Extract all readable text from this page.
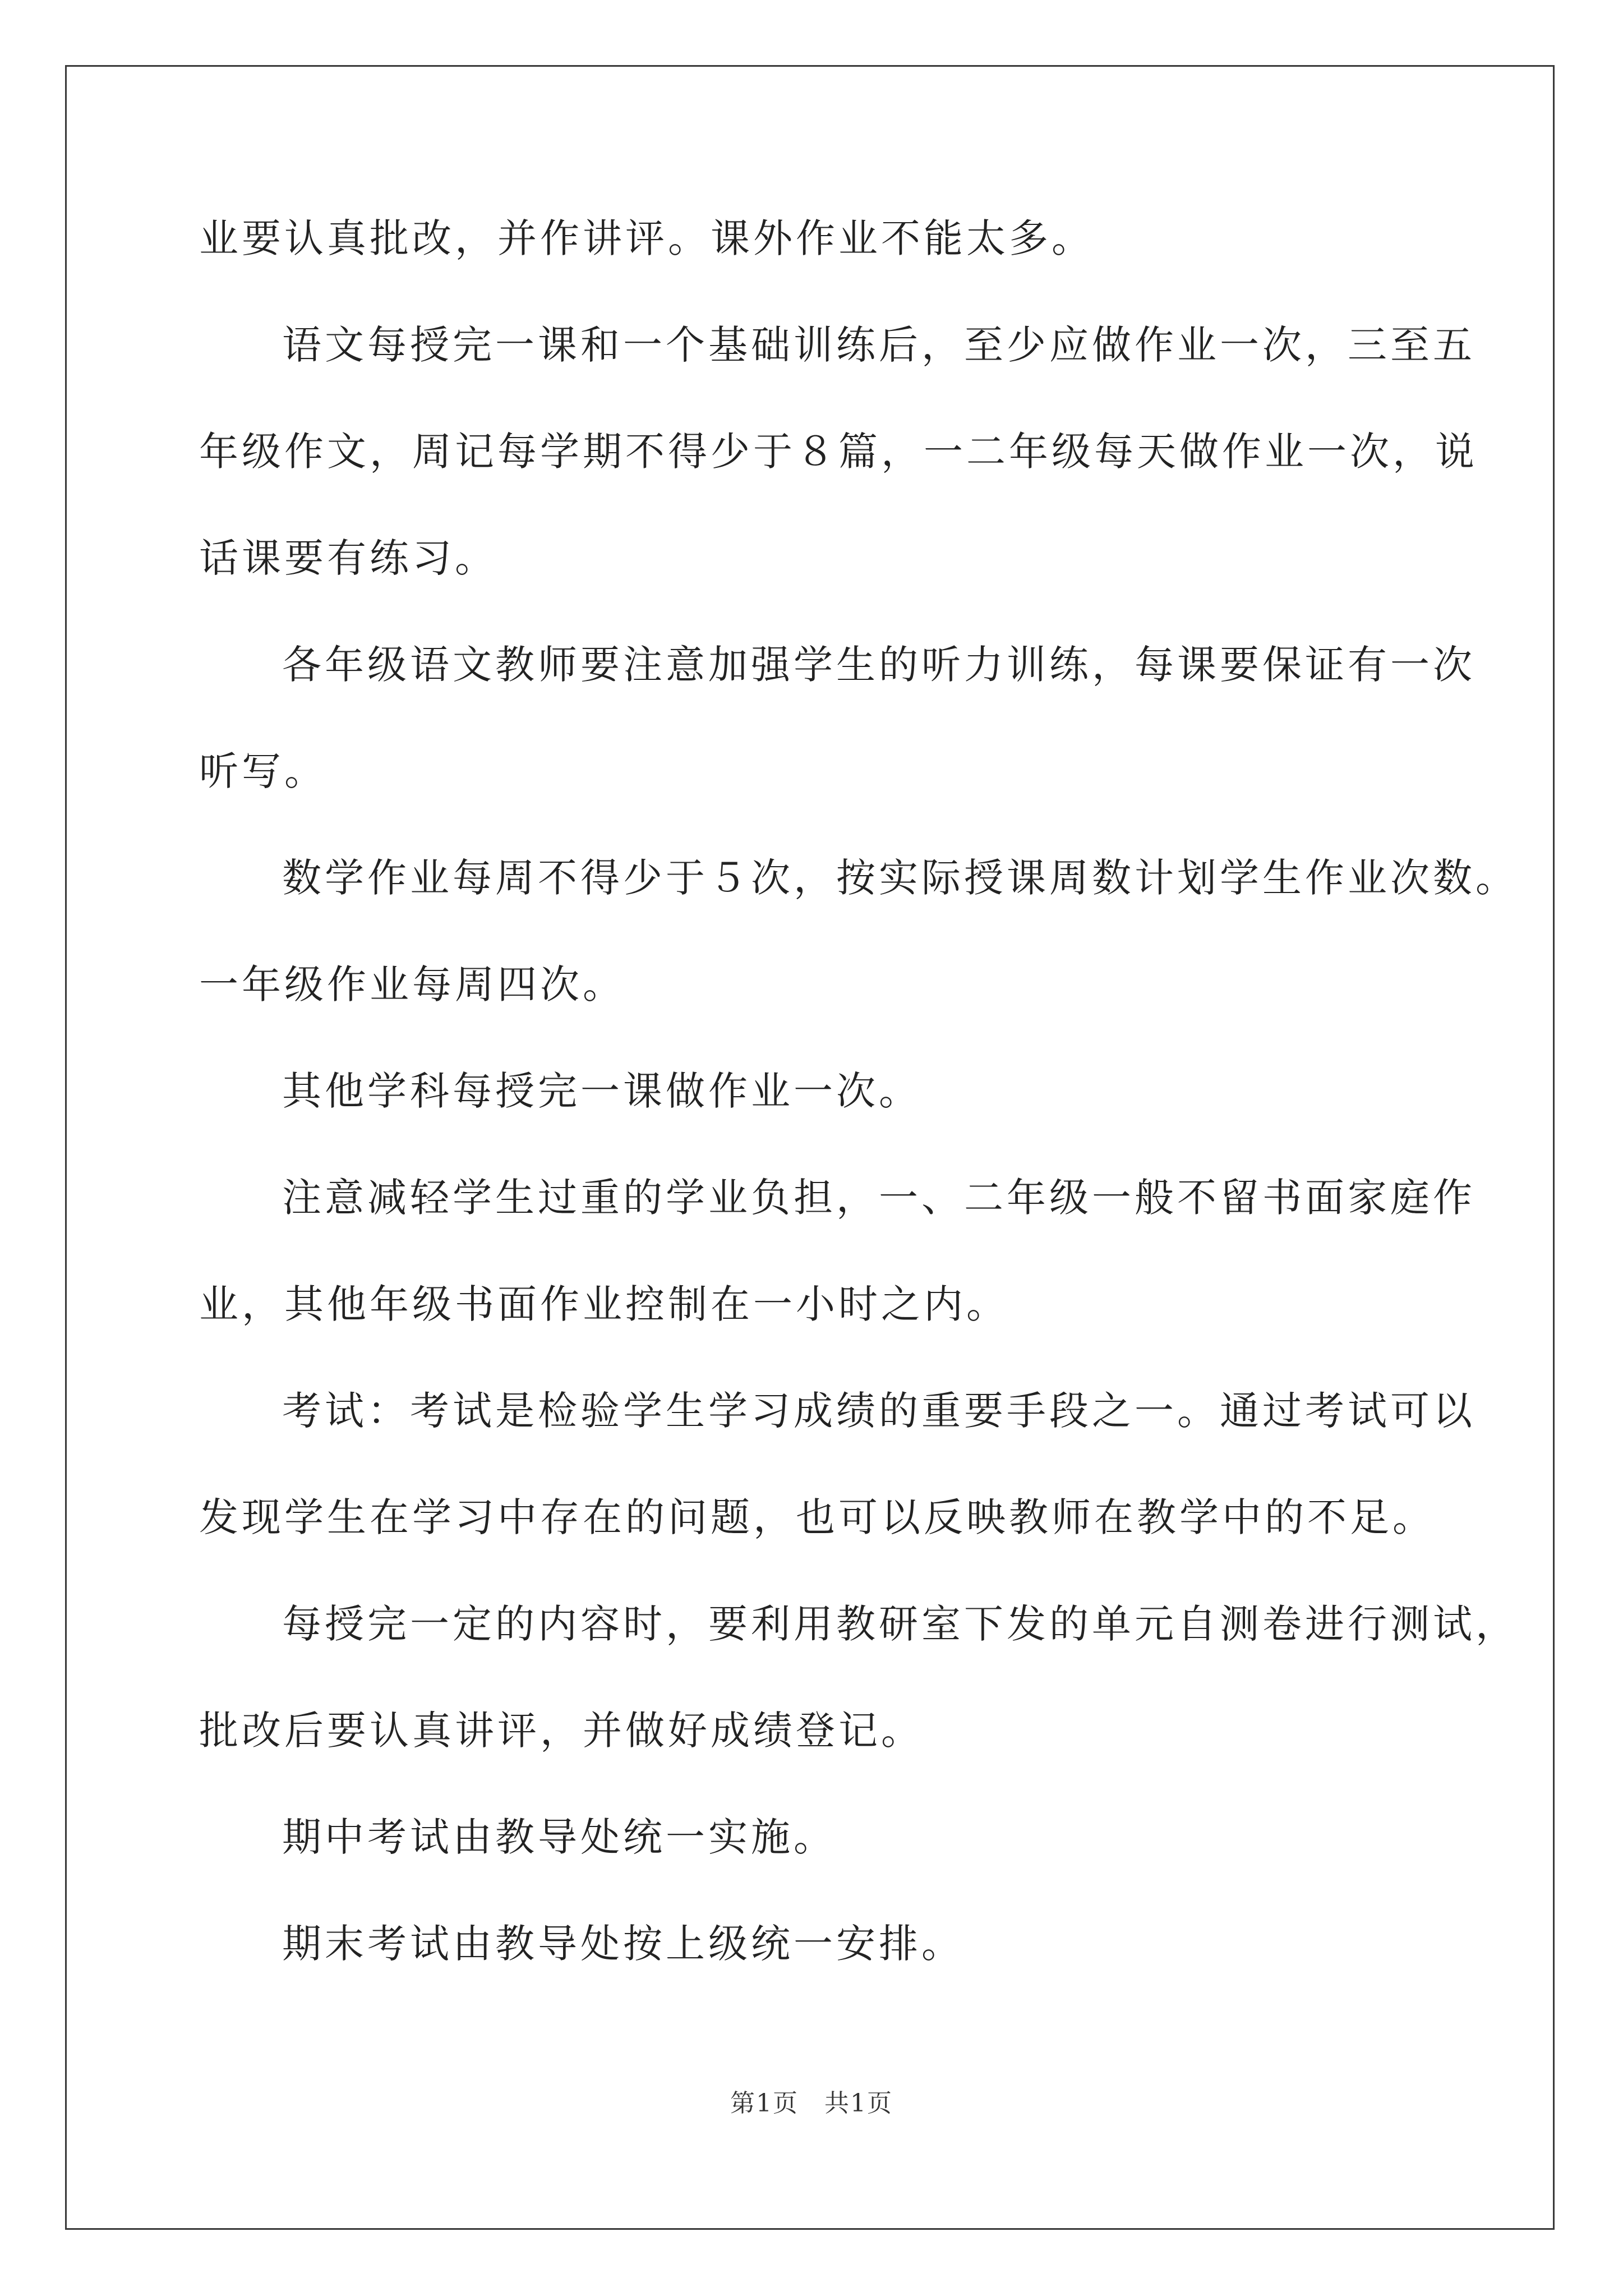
业要认真批改，并作讲评。课外作业不能太多。
语文每授完一课和一个基础训练后，至少应做作业一次，三至五
年级作文，周记每学期不得少于８篇，一二年级每天做作业一次，说
话课要有练习。
各年级语文教师要注意加强学生的听力训练，每课要保证有一次
听写。
数学作业每周不得少于５次，按实际授课周数计划学生作业次数。
一年级作业每周四次。
其他学科每授完一课做作业一次。
注意减轻学生过重的学业负担，一、二年级一般不留书面家庭作
业，其他年级书面作业控制在一小时之内。
考试：考试是检验学生学习成绩的重要手段之一。通过考试可以
发现学生在学习中存在的问题，也可以反映教师在教学中的不足。
每授完一定的内容时，要利用教研室下发的单元自测卷进行测试，
批改后要认真讲评，并做好成绩登记。
期中考试由教导处统一实施。
期末考试由教导处按上级统一安排。
第1页　共1页
